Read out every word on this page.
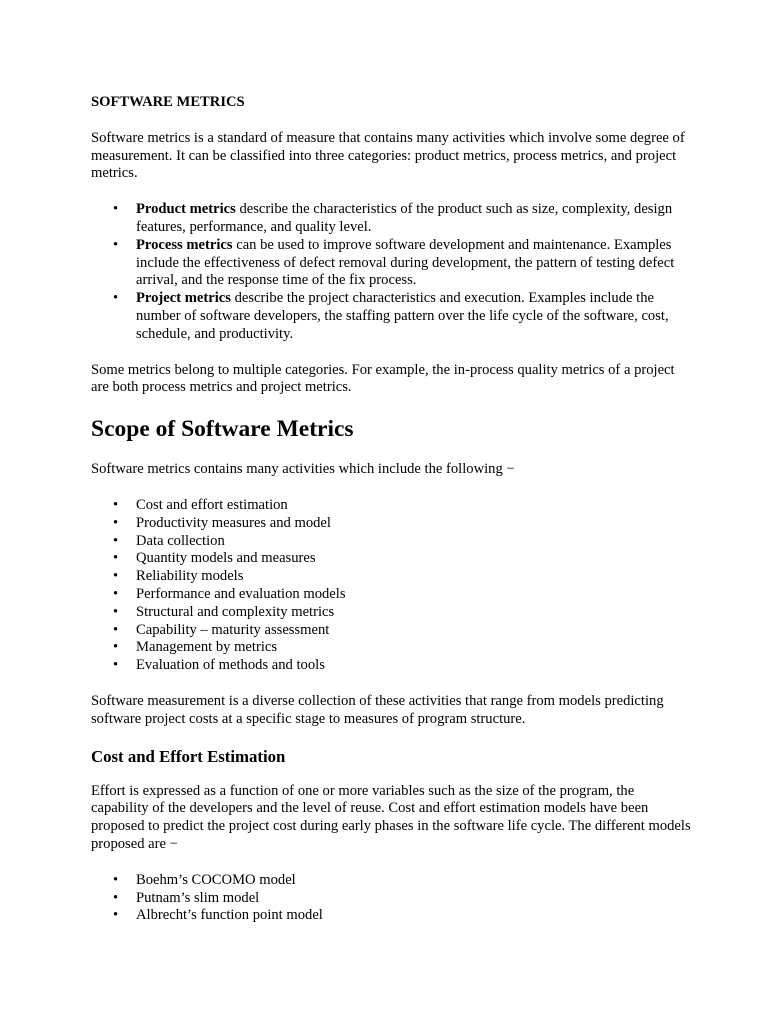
SOFTWARE METRICS

Software metrics is a standard of measure that contains many activities which involve some degree of measurement. It can be classified into three categories: product metrics, process metrics, and project metrics.

• Product metrics describe the characteristics of the product such as size, complexity, design features, performance, and quality level.
• Process metrics can be used to improve software development and maintenance. Examples include the effectiveness of defect removal during development, the pattern of testing defect arrival, and the response time of the fix process.
• Project metrics describe the project characteristics and execution. Examples include the number of software developers, the staffing pattern over the life cycle of the software, cost, schedule, and productivity.

Some metrics belong to multiple categories. For example, the in-process quality metrics of a project are both process metrics and project metrics.

Scope of Software Metrics

Software metrics contains many activities which include the following −

• Cost and effort estimation
• Productivity measures and model
• Data collection
• Quantity models and measures
• Reliability models
• Performance and evaluation models
• Structural and complexity metrics
• Capability – maturity assessment
• Management by metrics
• Evaluation of methods and tools

Software measurement is a diverse collection of these activities that range from models predicting software project costs at a specific stage to measures of program structure.

Cost and Effort Estimation

Effort is expressed as a function of one or more variables such as the size of the program, the capability of the developers and the level of reuse. Cost and effort estimation models have been proposed to predict the project cost during early phases in the software life cycle. The different models proposed are −

• Boehm’s COCOMO model
• Putnam’s slim model
• Albrecht’s function point model
